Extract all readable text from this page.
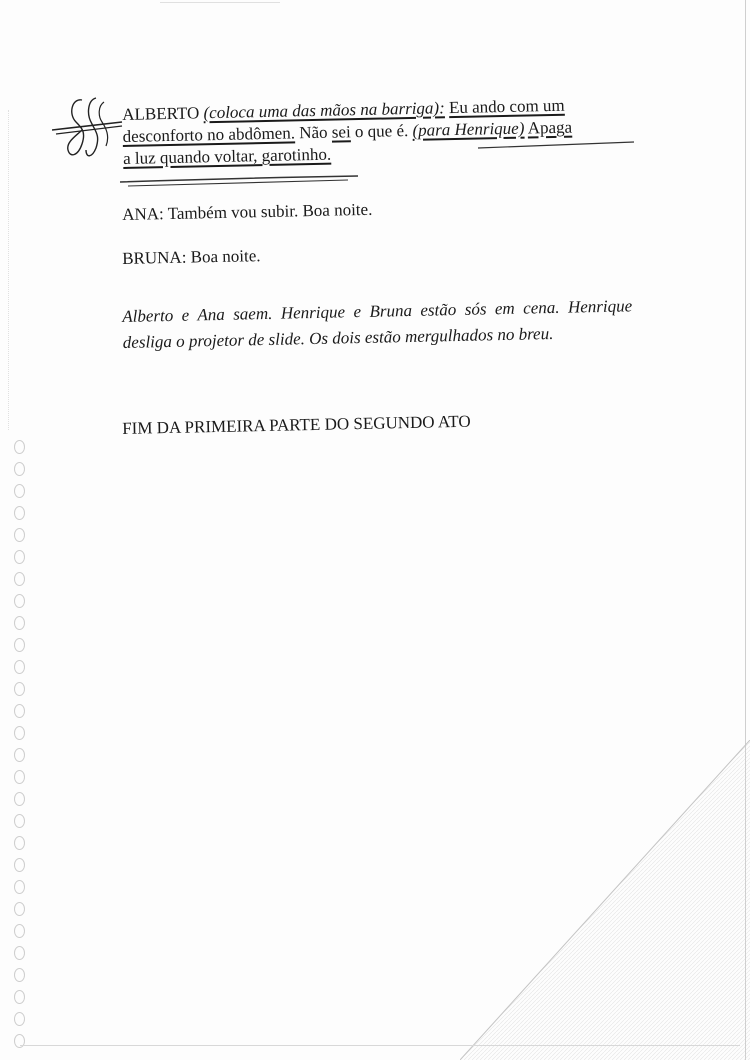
ALBERTO (coloca uma das mãos na barriga): Eu ando com um
desconforto no abdômen. Não sei o que é. (para Henrique) Apaga
a luz quando voltar, garotinho.
ANA: Também vou subir. Boa noite.
BRUNA: Boa noite.
Alberto e Ana saem. Henrique e Bruna estão sós em cena. Henrique desliga o projetor de slide. Os dois estão mergulhados no breu.
FIM DA PRIMEIRA PARTE DO SEGUNDO ATO
